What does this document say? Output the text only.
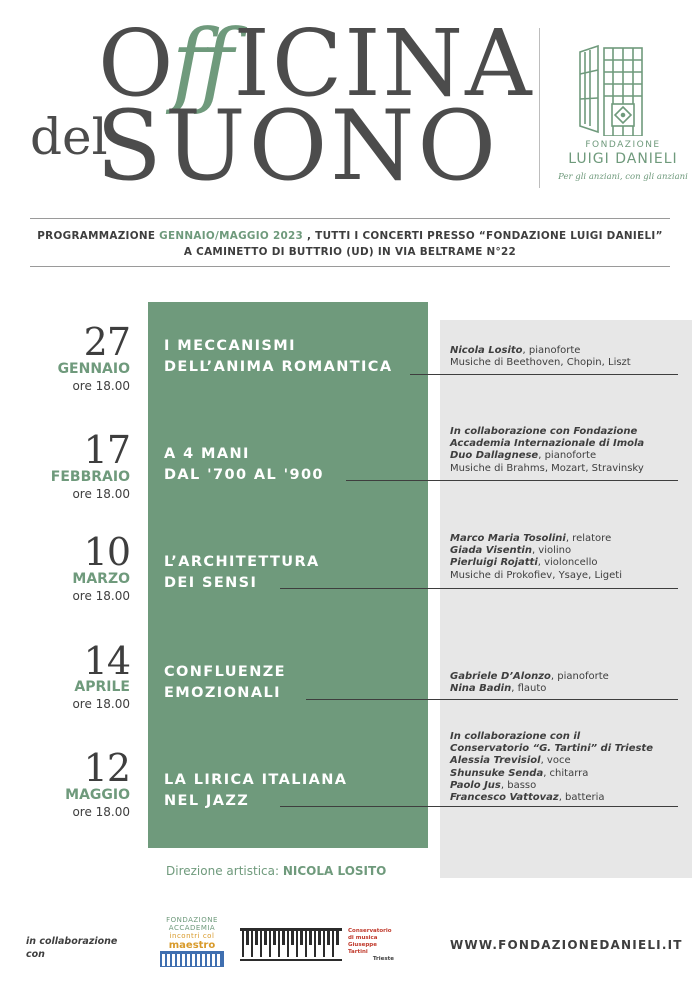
OffICINA
del
SUONO	FONDAZIONE
LUIGI DANIELI
Per gli anziani, con gli anziani
PROGRAMMAZIONE GENNAIO/MAGGIO 2023 , TUTTI I CONCERTI PRESSO “FONDAZIONE LUIGI DANIELI”
A CAMINETTO DI BUTTRIO (UD) IN VIA BELTRAME N°22
27
GENNAIO
ore 18.00
I MECCANISMI
DELL’ANIMA ROMANTICA
Nicola Losito, pianoforte
Musiche di Beethoven, Chopin, Liszt
17
FEBBRAIO
ore 18.00
A 4 MANI
DAL '700 AL '900
In collaborazione con Fondazione
Accademia Internazionale di Imola
Duo Dallagnese, pianoforte
Musiche di Brahms, Mozart, Stravinsky
10
MARZO
ore 18.00
L’ARCHITETTURA
DEI SENSI
Marco Maria Tosolini, relatore
Giada Visentin, violino
Pierluigi Rojatti, violoncello
Musiche di Prokofiev, Ysaye, Ligeti
14
APRILE
ore 18.00
CONFLUENZE
EMOZIONALI
Gabriele D’Alonzo, pianoforte
Nina Badin, flauto
12
MAGGIO
ore 18.00
LA LIRICA ITALIANA
NEL JAZZ
In collaborazione con il
Conservatorio “G. Tartini” di Trieste
Alessia Trevisiol, voce
Shunsuke Senda, chitarra
Paolo Jus, basso
Francesco Vattovaz, batteria
Direzione artistica: NICOLA LOSITO
in collaborazione
con
FONDAZIONE
ACCADEMIA
incontri col
maestro
Conservatorio
di musica
Giuseppe
Tartini
Trieste
WWW.FONDAZIONEDANIELI.IT
